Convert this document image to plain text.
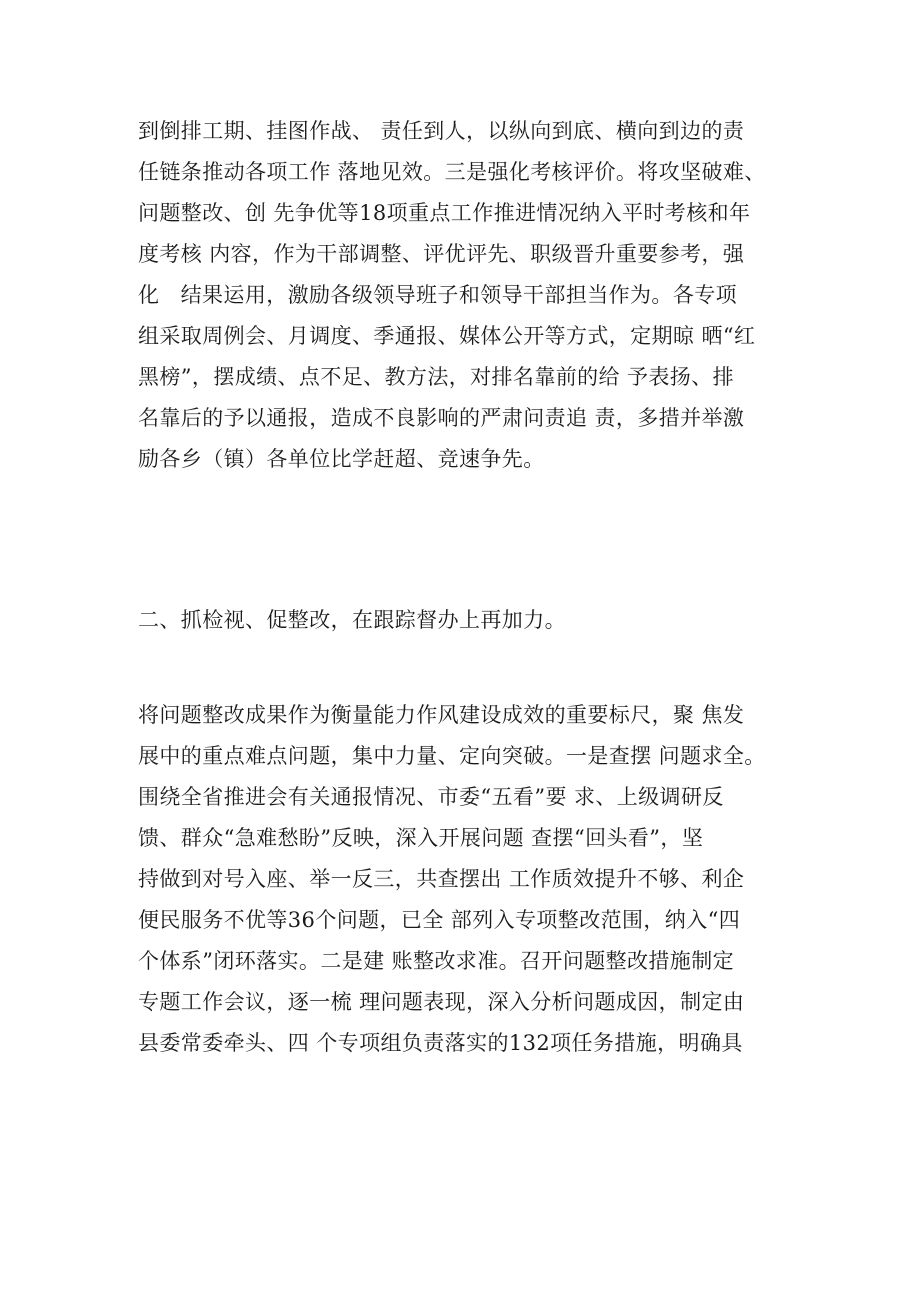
到倒排工期、挂图作战、 责任到人，以纵向到底、横向到边的责
任链条推动各项工作 落地见效。三是强化考核评价。将攻坚破难、
问题整改、创 先争优等18项重点工作推进情况纳入平时考核和年
度考核 内容，作为干部调整、评优评先、职级晋升重要参考，强
化   结果运用，激励各级领导班子和领导干部担当作为。各专项
组采取周例会、月调度、季通报、媒体公开等方式，定期晾 晒“红
黑榜”，摆成绩、点不足、教方法，对排名靠前的给 予表扬、排
名靠后的予以通报，造成不良影响的严肃问责追 责，多措并举激
励各乡（镇）各单位比学赶超、竞速争先。
二、抓检视、促整改，在跟踪督办上再加力。
将问题整改成果作为衡量能力作风建设成效的重要标尺，聚 焦发
展中的重点难点问题，集中力量、定向突破。一是查摆 问题求全。
围绕全省推进会有关通报情况、市委“五看”要 求、上级调研反
馈、群众“急难愁盼”反映，深入开展问题 查摆“回头看”，坚
持做到对号入座、举一反三，共查摆出 工作质效提升不够、利企
便民服务不优等36个问题，已全 部列入专项整改范围，纳入“四
个体系”闭环落实。二是建 账整改求准。召开问题整改措施制定
专题工作会议，逐一梳 理问题表现，深入分析问题成因，制定由
县委常委牵头、四 个专项组负责落实的132项任务措施，明确具
